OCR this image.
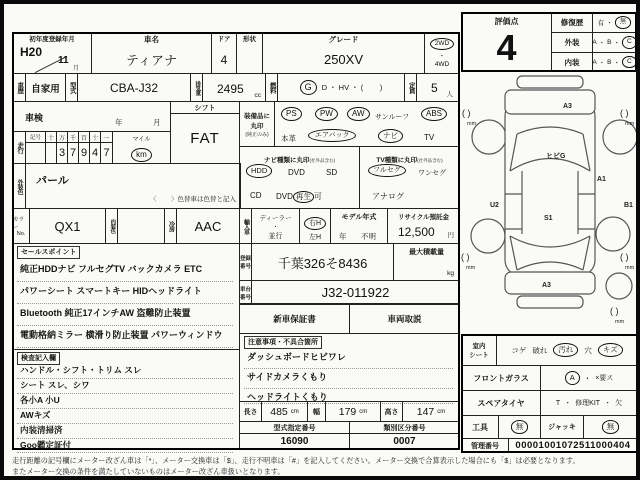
初年度登録年月
H20
11
月
車名
ティアナ
ドア
4
形状	グレード
250XV
2WD
・
4WD
車歴 自家用	型式	CBA-J32	排気量 2495 cc
燃料	G	D ・ HV ・ (        )	定員 5 人
車検	年	月
シフト
FAT
走行
記号	十 万 千 百 十 一
3 7 9 4 7
マイル
km
外装色 パール
〈        〉色替車は色替と記入
カラー
No.
QX1	内装色	冷房	AAC
装備品に
丸印
(純正のみ)
PS	PW	AW	サンルーフ	ABS
本革	エアバック	ナビ	TV
ナビ種類に丸印(社外品含む)
HDD	DVD	SD
CD DVD 再生 可
TV種類に丸印(社外品含む)
フルセグ	ワンセグ
アナログ
輸入車	ディーラー
・
並行
右H
左H
モデル年式
年 不明
リサイクル預託金
12,500 円
登録
番号	千葉326そ8436
最大積載量
kg
車台
番号	J32-011922
セールスポイント
純正HDDナビ フルセグTV バックカメラ ETC
パワーシート スマートキー HIDヘッドライト
Bluetooth 純正17インチAW 盗難防止装置
電動格納ミラー 横滑り防止装置 パワーウィンドウ
新車保証書	車両取説
注意事項・不具合箇所
ダッシュボードヒビワレ
サイドカメラくもり
ヘッドライトくもり
検査記入欄
ハンドル・シフト・トリム スレ
シート スレ、シワ
各小A 小U
AWキズ
内装清掃済
Goo鑑定証付
長さ	485 cm	幅	179 cm	高さ	147 cm
型式指定番号	類別区分番号
16090	0007
評価点
4
修復歴	有 ・	無
外装	A ・ B ・	C
内装	A ・ B ・	C
A3
ヒビG
A1
U2
S1
B1
A3
( )
mm
( )
mm
( )
mm
( )
mm
( )
mm
室内
シート
コゲ 破れ	汚れ	穴	キズ
フロントガラス	A	・ ×要ス
スペアタイヤ	T ・ 修理KIT ・ 欠
工具	無	ジャッキ	無
管理番号	00001001072511000404
走行距離の記号欄にメーター改ざん車は「*」、メーター交換車は「$」、走行不明車は「#」を記入してください。メーター交換で合算表示した場合にも「$」は必要となります。
またメーター交換の条件を満たしていないものはメーター改ざん車扱いとなります。
